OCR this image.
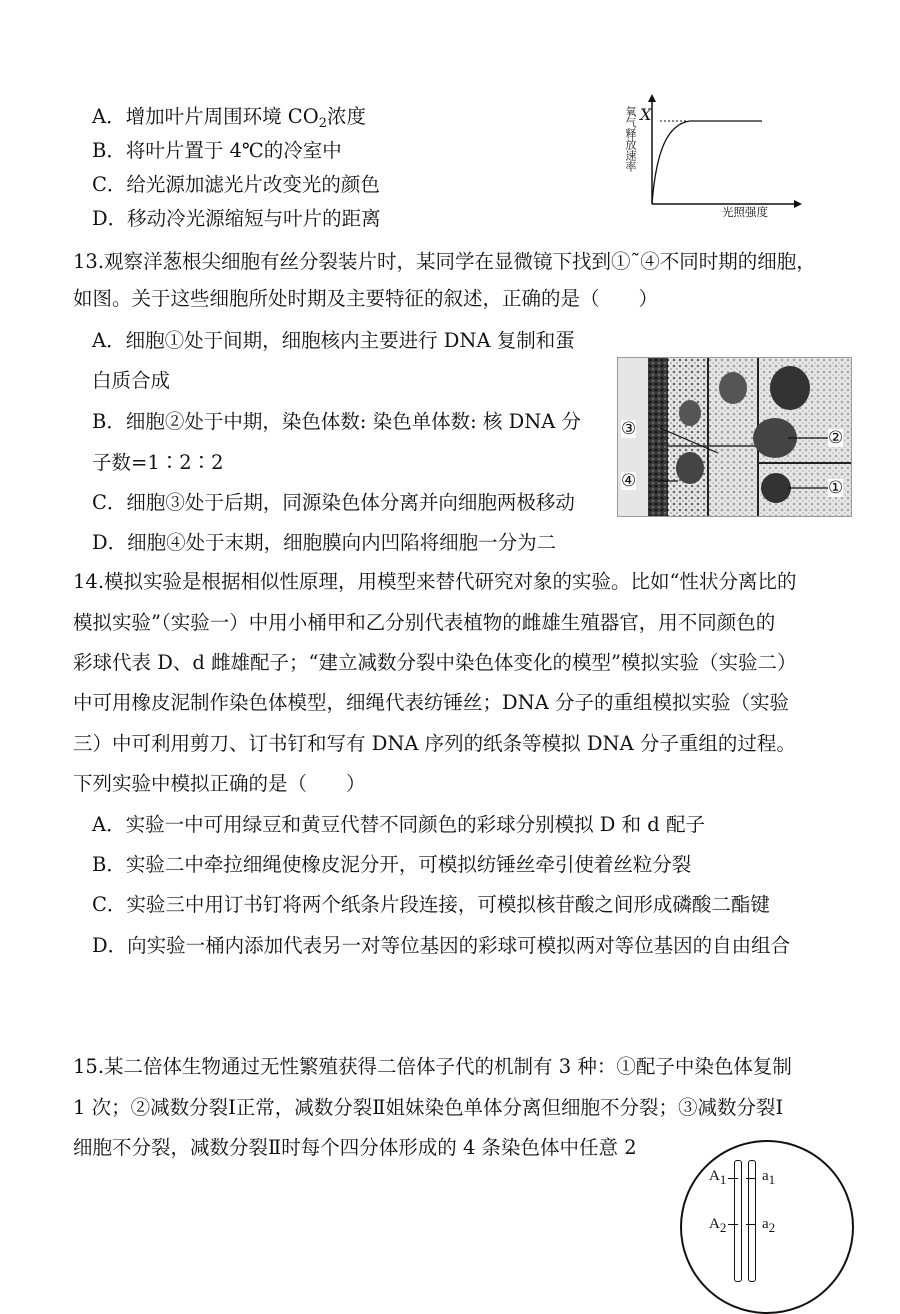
A．增加叶片周围环境 $CO_2$浓度
B．将叶片置于 4℃的冷室中
C．给光源加滤光片改变光的颜色
D．移动冷光源缩短与叶片的距离
氧气释放速率 X
光照强度
13.观察洋葱根尖细胞有丝分裂装片时，某同学在显微镜下找到①˜④不同时期的细胞，
如图。关于这些细胞所处时期及主要特征的叙述，正确的是（　　）
A．细胞①处于间期，细胞核内主要进行 DNA 复制和蛋
白质合成
B．细胞②处于中期，染色体数: 染色单体数: 核 DNA 分
子数=1∶2∶2
C．细胞③处于后期，同源染色体分离并向细胞两极移动
D．细胞④处于末期，细胞膜向内凹陷将细胞一分为二
③	②
④	①
14.模拟实验是根据相似性原理，用模型来替代研究对象的实验。比如“性状分离比的
模拟实验”（实验一）中用小桶甲和乙分别代表植物的雌雄生殖器官，用不同颜色的
彩球代表 D、d 雌雄配子；“建立减数分裂中染色体变化的模型”模拟实验（实验二）
中可用橡皮泥制作染色体模型，细绳代表纺锤丝；DNA 分子的重组模拟实验（实验
三）中可利用剪刀、订书钉和写有 DNA 序列的纸条等模拟 DNA 分子重组的过程。
下列实验中模拟正确的是（　　）
A．实验一中可用绿豆和黄豆代替不同颜色的彩球分别模拟 D 和 d 配子
B．实验二中牵拉细绳使橡皮泥分开，可模拟纺锤丝牵引使着丝粒分裂
C．实验三中用订书钉将两个纸条片段连接，可模拟核苷酸之间形成磷酸二酯键
D．向实验一桶内添加代表另一对等位基因的彩球可模拟两对等位基因的自由组合
15.某二倍体生物通过无性繁殖获得二倍体子代的机制有 3 种：①配子中染色体复制
1 次；②减数分裂Ⅰ正常，减数分裂Ⅱ姐妹染色单体分离但细胞不分裂；③减数分裂Ⅰ
细胞不分裂，减数分裂Ⅱ时每个四分体形成的 4 条染色体中任意 2
$A_1$ $a_1$
$A_2$ $a_2$
